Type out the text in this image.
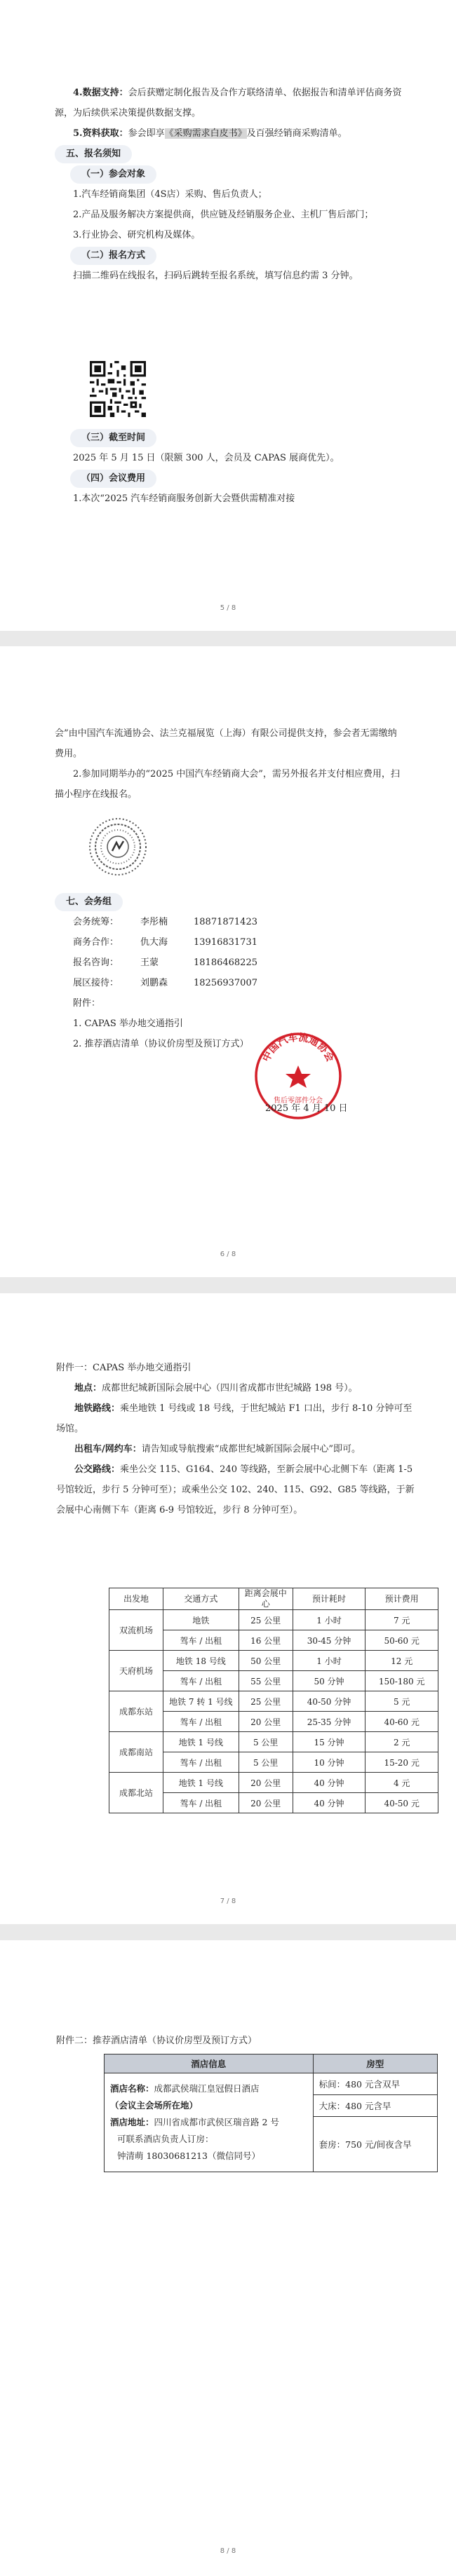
4.数据支持：会后获赠定制化报告及合作方联络清单、依据报告和清单评估商务资源，为后续供采决策提供数据支撑。

5.资料获取：参会即享《采购需求白皮书》及百强经销商采购清单。

五、报名须知

（一）参会对象

1.汽车经销商集团（4S店）采购、售后负责人；

2.产品及服务解决方案提供商，供应链及经销服务企业、主机厂售后部门；

3.行业协会、研究机构及媒体。

（二）报名方式

扫描二维码在线报名，扫码后跳转至报名系统，填写信息约需 3 分钟。

（三）截至时间

2025 年 5 月 15 日（限额 300 人，会员及 CAPAS 展商优先）。

（四）会议费用

1.本次“2025 汽车经销商服务创新大会暨供需精准对接

5 / 8

会”由中国汽车流通协会、法兰克福展览（上海）有限公司提供支持，参会者无需缴纳费用。

2.参加同期举办的“2025 中国汽车经销商大会”，需另外报名并支付相应费用，扫描小程序在线报名。

七、会务组

会务统筹：	李彤楠	18871871423
商务合作：	仇大海	13916831731
报名咨询：	王蒙	18186468225
展区接待：	刘鹏森	18256937007

附件：

1. CAPAS 举办地交通指引

2. 推荐酒店清单（协议价房型及预订方式）

中国汽车流通协会
售后零部件分会
2025 年 4 月 10 日
6 / 8

附件一：CAPAS 举办地交通指引

地点：成都世纪城新国际会展中心（四川省成都市世纪城路 198 号）。

地铁路线：乘坐地铁 1 号线或 18 号线，于世纪城站 F1 口出，步行 8-10 分钟可至场馆。

出租车/网约车：请告知或导航搜索“成都世纪城新国际会展中心”即可。

公交路线：乘坐公交 115、G164、240 等线路，至新会展中心北侧下车（距离 1-5 号馆较近，步行 5 分钟可至）；或乘坐公交 102、240、115、G92、G85 等线路，于新会展中心南侧下车（距离 6-9 号馆较近，步行 8 分钟可至）。

出发地	交通方式	距离会展中心	预计耗时	预计费用
双流机场	地铁	25 公里	1 小时	7 元
	驾车 / 出租	16 公里	30-45 分钟	50-60 元
天府机场	地铁 18 号线	50 公里	1 小时	12 元
	驾车 / 出租	55 公里	50 分钟	150-180 元
成都东站	地铁 7 转 1 号线	25 公里	40-50 分钟	5 元
	驾车 / 出租	20 公里	25-35 分钟	40-60 元
成都南站	地铁 1 号线	5 公里	15 分钟	2 元
	驾车 / 出租	5 公里	10 分钟	15-20 元
成都北站	地铁 1 号线	20 公里	40 分钟	4 元
	驾车 / 出租	20 公里	40 分钟	40-50 元
7 / 8
附件二：推荐酒店清单（协议价房型及预订方式）
酒店信息	房型

酒店名称：成都武侯瑞江皇冠假日酒店
（会议主会场所在地）
酒店地址：四川省成都市武侯区瑞音路 2 号
可联系酒店负责人订房：
钟清萌 18030681213（微信同号）	标间：480 元含双早
	大床：480 元含早
	套房：750 元/间夜含早
8 / 8
